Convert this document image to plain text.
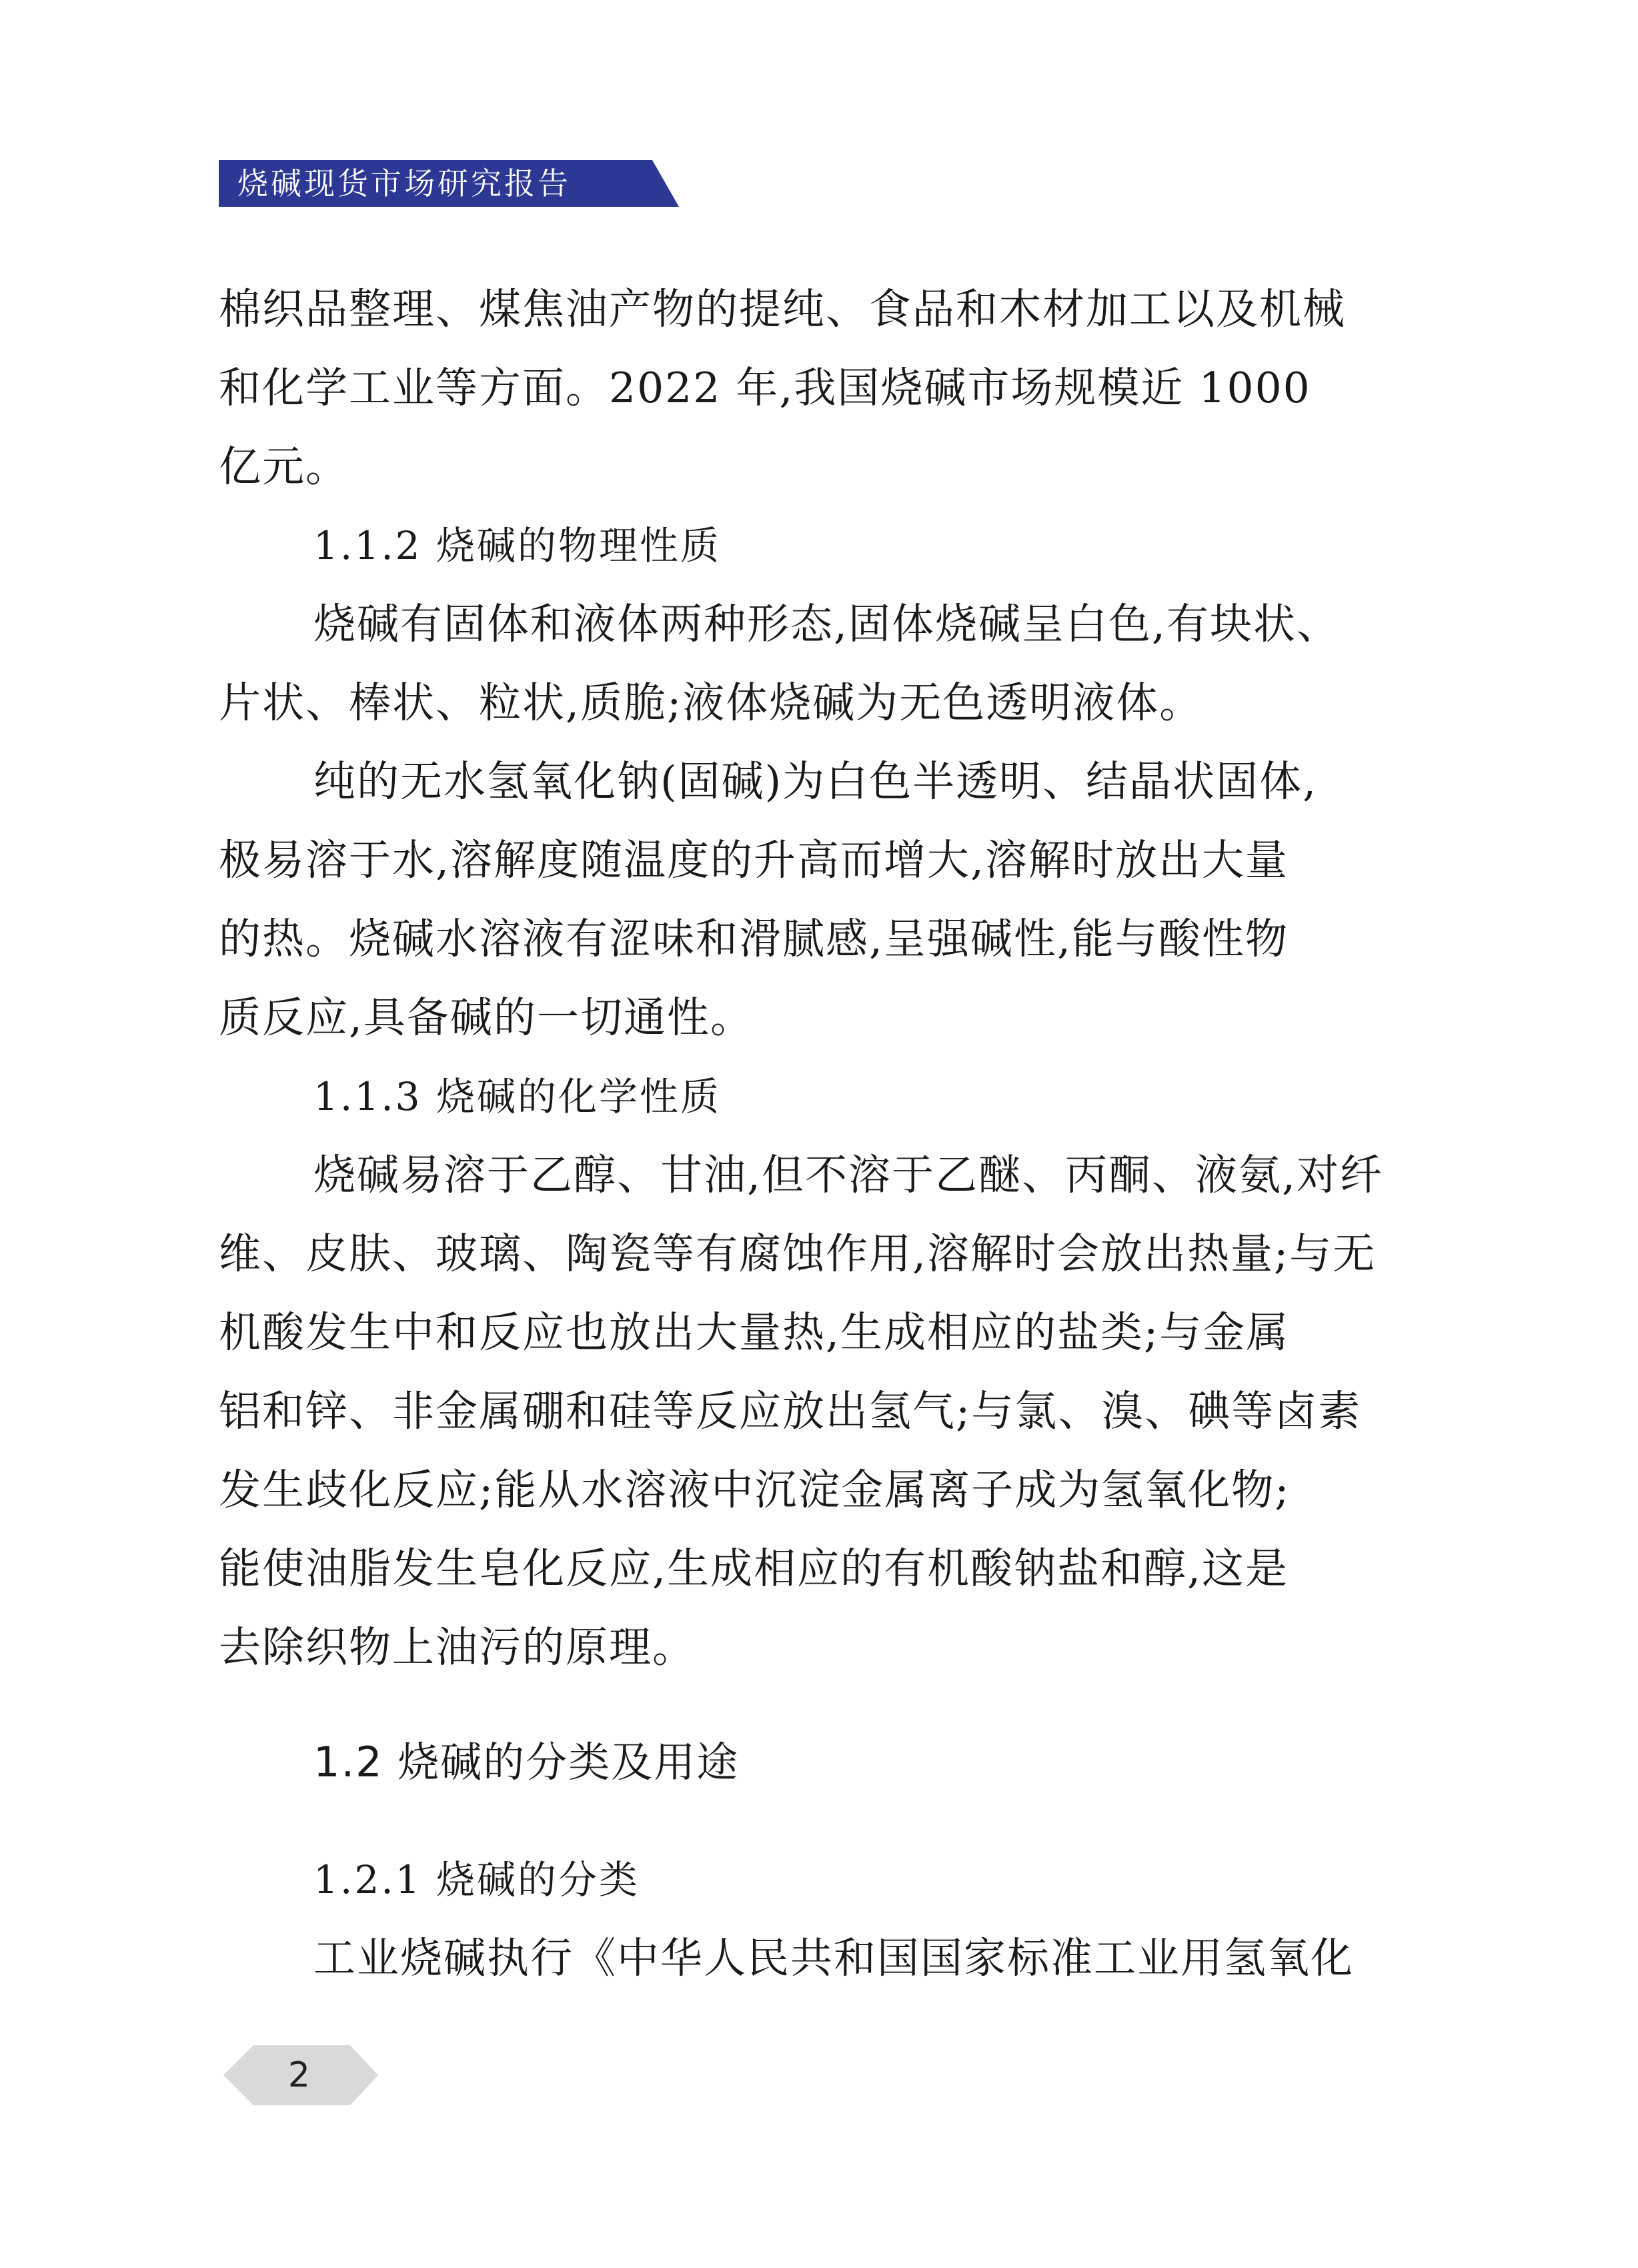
烧碱现货市场研究报告
棉织品整理、煤焦油产物的提纯、食品和木材加工以及机械
和化学工业等方面。2022 年,我国烧碱市场规模近 1000
亿元。
1.1.2 烧碱的物理性质
烧碱有固体和液体两种形态,固体烧碱呈白色,有块状、
片状、棒状、粒状,质脆;液体烧碱为无色透明液体。
纯的无水氢氧化钠(固碱)为白色半透明、结晶状固体,
极易溶于水,溶解度随温度的升高而增大,溶解时放出大量
的热。烧碱水溶液有涩味和滑腻感,呈强碱性,能与酸性物
质反应,具备碱的一切通性。
1.1.3 烧碱的化学性质
烧碱易溶于乙醇、甘油,但不溶于乙醚、丙酮、液氨,对纤
维、皮肤、玻璃、陶瓷等有腐蚀作用,溶解时会放出热量;与无
机酸发生中和反应也放出大量热,生成相应的盐类;与金属
铝和锌、非金属硼和硅等反应放出氢气;与氯、溴、碘等卤素
发生歧化反应;能从水溶液中沉淀金属离子成为氢氧化物;
能使油脂发生皂化反应,生成相应的有机酸钠盐和醇,这是
去除织物上油污的原理。
1.2 烧碱的分类及用途
1.2.1 烧碱的分类
工业烧碱执行《中华人民共和国国家标准工业用氢氧化
2
